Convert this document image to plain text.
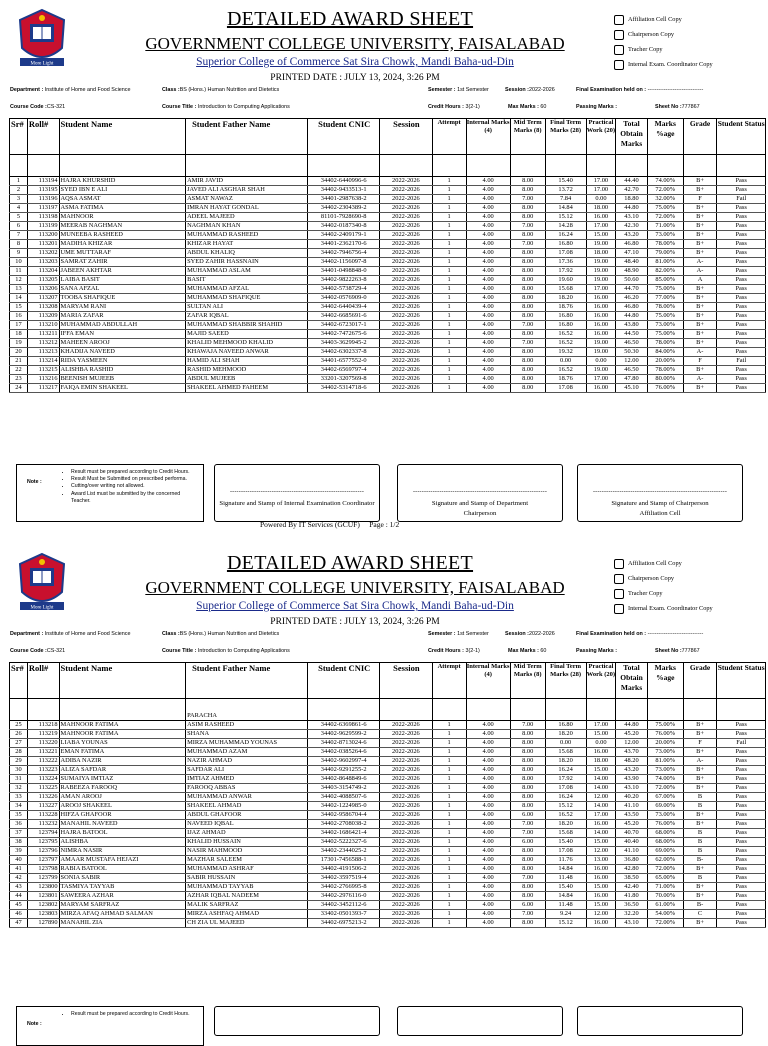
More Light
DETAILED AWARD SHEET
GOVERNMENT COLLEGE UNIVERSITY, FAISALABAD
Superior College of Commerce Sat Sira Chowk, Mandi Baha-ud-Din
PRINTED DATE : JULY 13, 2024, 3:26 PM
Affiliation Cell Copy
Chairperson Copy
Tracher Copy
Internal Exam. Coordinator Copy
Department : Institute of Home and Food Science	Class :BS (Hons.) Human Nutrition and Dietetics	Semester : 1st Semester	Session :2022-2026	Final Examination held on : -------------------------------
Course Code :CS-321	Course Title : Introduction to Computing Applications	Credit Hours : 3(2-1)	Max Marks : 60	Passing Marks :	Sheet No :777867
Sr#	Roll#	Student Name	Student Father Name	Student CNIC	Session	Attempt	Internal Marks (4)	Mid Term Marks (8)	Final Term Marks (28)	Practical Work (20)	Total Obtain Marks	Marks %age	Grade	Student Status

1	113194	HAJRA KHURSHID	AMIR JAVID	34402-6440996-6	2022-2026	1	4.00	8.00	15.40	17.00	44.40	74.00%	B+	Pass
2	113195	SYED IBN E ALI	JAVED ALI ASGHAR SHAH	34402-9433513-1	2022-2026	1	4.00	8.00	13.72	17.00	42.70	72.00%	B+	Pass
3	113196	AQSA ASMAT	ASMAT NAWAZ	34401-2987638-2	2022-2026	1	4.00	7.00	7.84	0.00	18.80	32.00%	F	Fail
4	113197	ASMA FATIMA	IMRAN HAYAT GONDAL	34402-2304389-2	2022-2026	1	4.00	8.00	14.84	18.00	44.80	75.00%	B+	Pass
5	113198	MAHNOOR	ADEEL MAJEED	81101-7928690-8	2022-2026	1	4.00	8.00	15.12	16.00	43.10	72.00%	B+	Pass
6	113199	MEERAB NAGHMAN	NAGHMAN KHAN	34402-0187340-8	2022-2026	1	4.00	7.00	14.28	17.00	42.30	71.00%	B+	Pass
7	113200	MUNEEBA RASHEED	MUHAMMAD RASHEED	34402-2409179-1	2022-2026	1	4.00	8.00	16.24	15.00	43.20	73.00%	B+	Pass
8	113201	MADIHA KHIZAR	KHIZAR HAYAT	34401-2362170-6	2022-2026	1	4.00	7.00	16.80	19.00	46.80	78.00%	B+	Pass
9	113202	UME MUTTARAF	ABDUL KHALIQ	34402-7946756-4	2022-2026	1	4.00	8.00	17.08	18.00	47.10	79.00%	B+	Pass
10	113203	SAMRAT ZAHIR	SYED ZAHIR HASSNAIN	34402-1156097-8	2022-2026	1	4.00	8.00	17.36	19.00	48.40	81.00%	A-	Pass
11	113204	JABEEN AKHTAR	MUHAMMAD ASLAM	34401-0498848-0	2022-2026	1	4.00	8.00	17.92	19.00	48.90	82.00%	A-	Pass
12	113205	LAIBA BASIT	BASIT	34402-9822263-8	2022-2026	1	4.00	8.00	19.60	19.00	50.60	85.00%	A	Pass
13	113206	SANA AFZAL	MUHAMMAD AFZAL	34402-5738729-4	2022-2026	1	4.00	8.00	15.68	17.00	44.70	75.00%	B+	Pass
14	113207	TOOBA SHAFIQUE	MUHAMMAD SHAFIQUE	34402-0576909-0	2022-2026	1	4.00	8.00	18.20	16.00	46.20	77.00%	B+	Pass
15	113208	MARYAM RANI	SULTAN ALI	34402-6440439-4	2022-2026	1	4.00	8.00	18.76	16.00	46.80	78.00%	B+	Pass
16	113209	MARIA ZAFAR	ZAFAR IQBAL	34402-6685691-6	2022-2026	1	4.00	8.00	16.80	16.00	44.80	75.00%	B+	Pass
17	113210	MUHAMMAD ABDULLAH	MUHAMMAD SHABBIR SHAHID	34402-6723017-1	2022-2026	1	4.00	7.00	16.80	16.00	43.80	73.00%	B+	Pass
18	113211	IFFA EMAN	MAJID SAEED	34402-7472675-6	2022-2026	1	4.00	8.00	16.52	16.00	44.50	75.00%	B+	Pass
19	113212	MAHEEN AROOJ	KHALID MEHMOOD KHALID	34403-3629945-2	2022-2026	1	4.00	7.00	16.52	19.00	46.50	78.00%	B+	Pass
20	113213	KHADIJA NAVEED	KHAWAJA NAVEED ANWAR	34402-6302337-8	2022-2026	1	4.00	8.00	19.32	19.00	50.30	84.00%	A-	Pass
21	113214	RIDA YASMEEN	HAMID ALI SHAH	34401-6577552-0	2022-2026	1	4.00	8.00	0.00	0.00	12.00	20.00%	F	Fail
22	113215	ALISHBA RASHID	RASHID MEHMOOD	34402-6569797-4	2022-2026	1	4.00	8.00	16.52	19.00	46.50	78.00%	B+	Pass
23	113216	BEENISH MUJEEB	ABDUL MUJEEB	33201-3207569-8	2022-2026	1	4.00	8.00	18.76	17.00	47.80	80.00%	A-	Pass
24	113217	FAIQA EMIN SHAKEEL	SHAKEEL AHMED FAHEEM	34402-5314718-6	2022-2026	1	4.00	8.00	17.08	16.00	45.10	76.00%	B+	Pass
Note :
• Result must be prepared according to Credit Hours.
• Result Must be Submitted on prescribed performa.
• Cutting/over writing not allowed.
• Award List must be submitted by the concerned Teacher.
-------------------------------------------------------------
Signature and Stamp of Internal Examination Coordinator
-------------------------------------------------------------
Signature and Stamp of Department Chairperson
-------------------------------------------------------------
Signature and Stamp of Chairperson Affiliation Cell
Powered By IT Services (GCUF) Page : 1/2
More Light
DETAILED AWARD SHEET
GOVERNMENT COLLEGE UNIVERSITY, FAISALABAD
Superior College of Commerce Sat Sira Chowk, Mandi Baha-ud-Din
PRINTED DATE : JULY 13, 2024, 3:26 PM
Affiliation Cell Copy
Chairperson Copy
Tracher Copy
Internal Exam. Coordinator Copy
Department : Institute of Home and Food Science	Class :BS (Hons.) Human Nutrition and Dietetics	Semester : 1st Semester	Session :2022-2026	Final Examination held on : -------------------------------
Course Code :CS-321	Course Title : Introduction to Computing Applications	Credit Hours : 3(2-1)	Max Marks : 60	Passing Marks :	Sheet No :777867
Sr#	Roll#	Student Name	Student Father Name	Student CNIC	Session	Attempt	Internal Marks (4)	Mid Term Marks (8)	Final Term Marks (28)	Practical Work (20)	Total Obtain Marks	Marks %age	Grade	Student Status
			PARACHA											
25	113218	MAHNOOR FATIMA	ASIM RASHEED	34402-6369861-6	2022-2026	1	4.00	7.00	16.80	17.00	44.80	75.00%	B+	Pass
26	113219	MAHNOOR FATIMA	SHANA	34402-9629599-2	2022-2026	1	4.00	8.00	18.20	15.00	45.20	76.00%	B+	Pass
27	113220	LIABA YOUNAS	MIRZA MUHAMMAD YOUNAS	34402-8713024-6	2022-2026	1	4.00	8.00	0.00	0.00	12.00	20.00%	F	Fail
28	113221	EMAN FATIMA	MUHAMMAD AZAM	34402-0385264-6	2022-2026	1	4.00	8.00	15.68	16.00	43.70	73.00%	B+	Pass
29	113222	ADIBA NAZIR	NAZIR AHMAD	34402-9602997-4	2022-2026	1	4.00	8.00	18.20	18.00	48.20	81.00%	A-	Pass
30	113223	ALIZA SAFDAR	SAFDAR ALI	34402-9291255-2	2022-2026	1	4.00	8.00	16.24	15.00	43.20	73.00%	B+	Pass
31	113224	SUMAIYA IMTIAZ	IMTIAZ AHMED	34402-8648849-6	2022-2026	1	4.00	8.00	17.92	14.00	43.90	74.00%	B+	Pass
32	113225	RABEEZA FAROOQ	FAROOQ ABBAS	34403-3154749-2	2022-2026	1	4.00	8.00	17.08	14.00	43.10	72.00%	B+	Pass
33	113226	AMAN AROOJ	MUHAMMAD ANWAR	34402-4088507-6	2022-2026	1	4.00	8.00	16.24	12.00	40.20	67.00%	B	Pass
34	113227	AROOJ SHAKEEL	SHAKEEL AHMAD	34402-1224985-0	2022-2026	1	4.00	8.00	15.12	14.00	41.10	69.00%	B	Pass
35	113228	HIFZA GHAFOOR	ABDUL GHAFOOR	34402-9586704-4	2022-2026	1	4.00	6.00	16.52	17.00	43.50	73.00%	B+	Pass
36	113232	MANAHIL NAVEED	NAVEED IQBAL	34402-2708038-2	2022-2026	1	4.00	7.00	18.20	16.00	45.20	76.00%	B+	Pass
37	123794	HAJRA BATOOL	IJAZ AHMAD	34402-1686421-4	2022-2026	1	4.00	7.00	15.68	14.00	40.70	68.00%	B	Pass
38	123795	ALISHBA	KHALID HUSSAIN	34402-5222327-6	2022-2026	1	4.00	6.00	15.40	15.00	40.40	68.00%	B	Pass
39	123796	NIMRA NASIR	NASIR MAHMOOD	34402-2344025-2	2022-2026	1	4.00	8.00	17.08	12.00	41.10	69.00%	B	Pass
40	123797	AMAAR MUSTAFA HEJAZI	MAZHAR SALEEM	17301-7456588-1	2022-2026	1	4.00	8.00	11.76	13.00	36.80	62.00%	B-	Pass
41	123798	RABIA BATOOL	MUHAMMAD ASHRAF	34402-4191506-2	2022-2026	1	4.00	8.00	14.84	16.00	42.80	72.00%	B+	Pass
42	123799	SONIA SABIR	SABIR HUSSAIN	34402-3597519-4	2022-2026	1	4.00	7.00	11.48	16.00	38.50	65.00%	B	Pass
43	123800	TASMIYA TAYYAB	MUHAMMAD TAYYAB	34402-2766995-8	2022-2026	1	4.00	8.00	15.40	15.00	42.40	71.00%	B+	Pass
44	123801	SAWEERA AZHAR	AZHAR IQBAL NADEEM	34402-2976116-0	2022-2026	1	4.00	8.00	14.84	16.00	41.80	70.00%	B+	Pass
45	123802	MARYAM SARFRAZ	MALIK SARFRAZ	34402-3452112-6	2022-2026	1	4.00	6.00	11.48	15.00	36.50	61.00%	B-	Pass
46	123803	MIRZA AFAQ AHMAD SALMAN	MIRZA ASHFAQ AHMAD	33402-0501393-7	2022-2026	1	4.00	7.00	9.24	12.00	32.20	54.00%	C	Pass
47	127890	MANAHIL ZIA	CH ZIA UL MAJEED	34402-6975213-2	2022-2026	1	4.00	8.00	15.12	16.00	43.10	72.00%	B+	Pass
Note :
• Result must be prepared according to Credit Hours.
